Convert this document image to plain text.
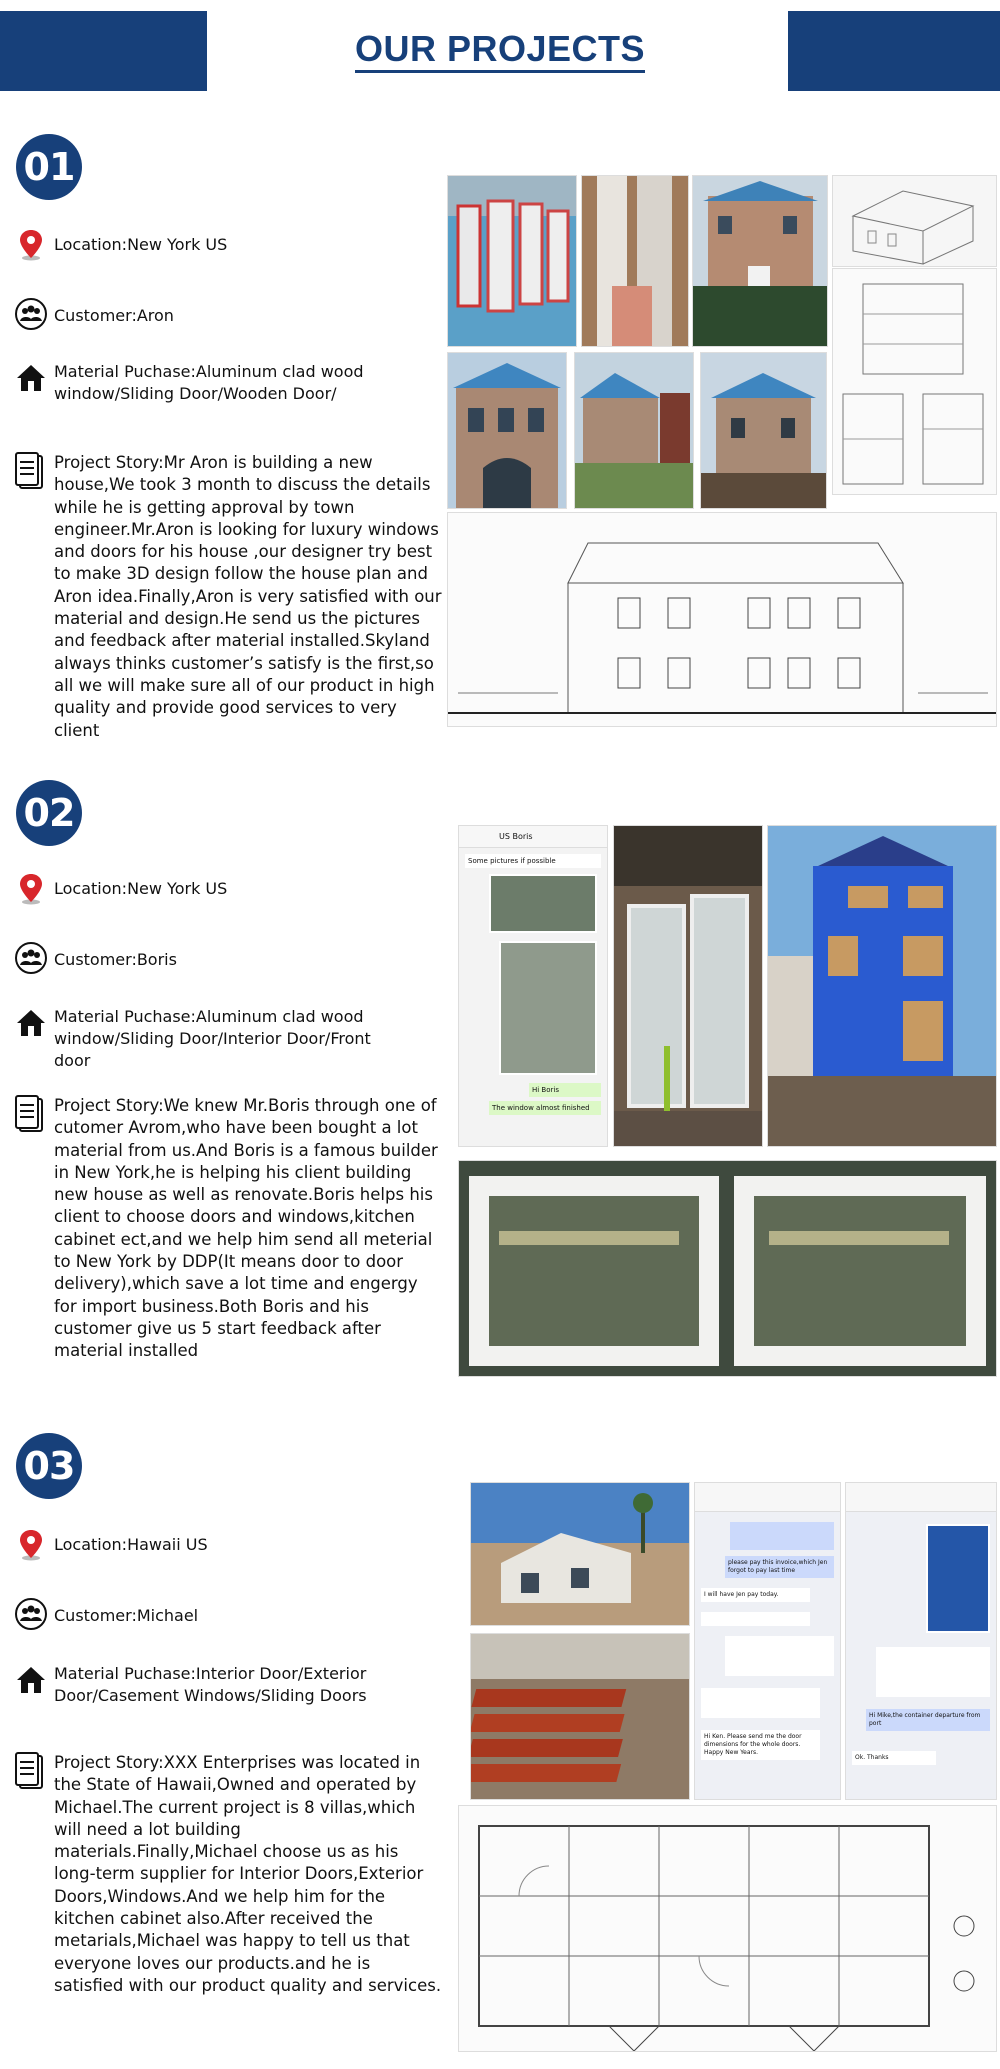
OUR PROJECTS
01
Location:New York US
Customer:Aron
Material Puchase:Aluminum clad wood window/Sliding Door/Wooden Door/
Project Story:Mr Aron is building a new house,We took 3 month to discuss the details while he is getting approval by town engineer.Mr.Aron is looking for luxury windows and doors for his house ,our designer try best to make 3D design follow the house plan and Aron idea.Finally,Aron is very satisfied with our material and design.He send us the pictures and feedback after material installed.Skyland always thinks customer’s satisfy is the first,so all we will make sure all of our product in high quality and provide good services to very client
02
Location:New York US
Customer:Boris
Material Puchase:Aluminum clad wood window/Sliding Door/Interior Door/Front door
Project Story:We knew Mr.Boris through one of cutomer Avrom,who have been bought a lot material from us.And Boris is a famous builder in New York,he is helping his client building new house as well as renovate.Boris helps his client to choose doors and windows,kitchen cabinet ect,and we help him send all meterial to New York by DDP(It means door to door delivery),which save a lot time and engergy for import business.Both Boris and his customer give us 5 start feedback after material installed
US Boris
Some pictures if possible
Hi Boris
The window almost finished
03
Location:Hawaii US
Customer:Michael
Material Puchase:Interior Door/Exterior Door/Casement Windows/Sliding Doors
Project Story:XXX Enterprises was located in the State of Hawaii,Owned and operated by Michael.The current project is 8 villas,which will need a lot building materials.Finally,Michael choose us as his long-term supplier for Interior Doors,Exterior Doors,Windows.And we help him for the kitchen cabinet also.After received the metarials,Michael was happy to tell us that everyone loves our products.and he is satisfied with our product quality and services.
please pay this invoice,which Jen forgot to pay last time
I will have Jen pay today.
Hi Ken. Please send me the door dimensions for the whole doors. Happy New Years.
Hi Mike,the container departure from port
Ok. Thanks
